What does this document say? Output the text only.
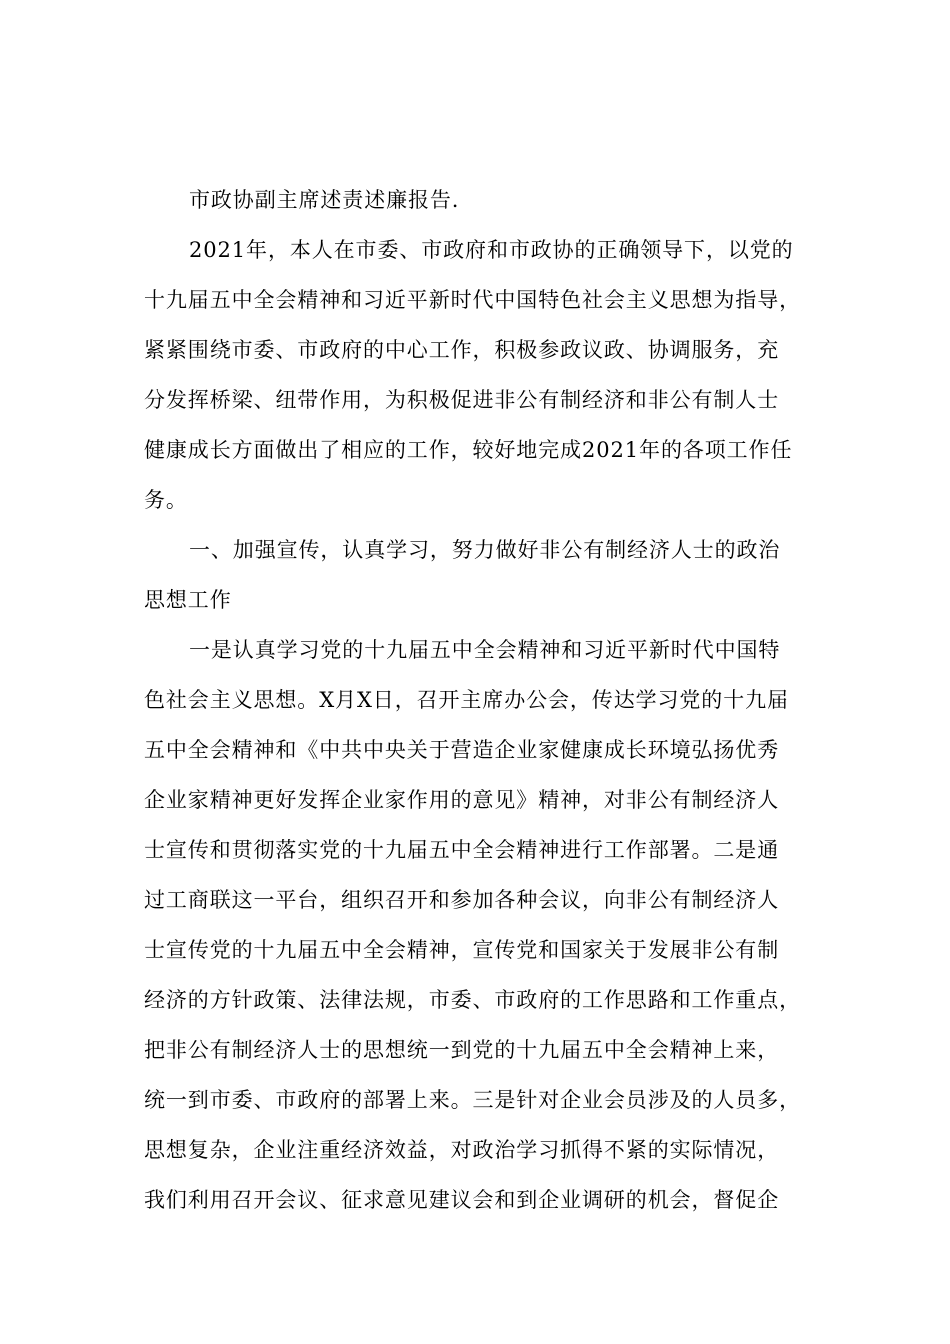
市政协副主席述责述廉报告.
2021年，本人在市委、市政府和市政协的正确领导下，以党的
十九届五中全会精神和习近平新时代中国特色社会主义思想为指导，
紧紧围绕市委、市政府的中心工作，积极参政议政、协调服务，充
分发挥桥梁、纽带作用，为积极促进非公有制经济和非公有制人士
健康成长方面做出了相应的工作，较好地完成2021年的各项工作任
务。
一、加强宣传，认真学习，努力做好非公有制经济人士的政治
思想工作
一是认真学习党的十九届五中全会精神和习近平新时代中国特
色社会主义思想。X月X日，召开主席办公会，传达学习党的十九届
五中全会精神和《中共中央关于营造企业家健康成长环境弘扬优秀
企业家精神更好发挥企业家作用的意见》精神，对非公有制经济人
士宣传和贯彻落实党的十九届五中全会精神进行工作部署。二是通
过工商联这一平台，组织召开和参加各种会议，向非公有制经济人
士宣传党的十九届五中全会精神，宣传党和国家关于发展非公有制
经济的方针政策、法律法规，市委、市政府的工作思路和工作重点，
把非公有制经济人士的思想统一到党的十九届五中全会精神上来，
统一到市委、市政府的部署上来。三是针对企业会员涉及的人员多，
思想复杂，企业注重经济效益，对政治学习抓得不紧的实际情况，
我们利用召开会议、征求意见建议会和到企业调研的机会，督促企
